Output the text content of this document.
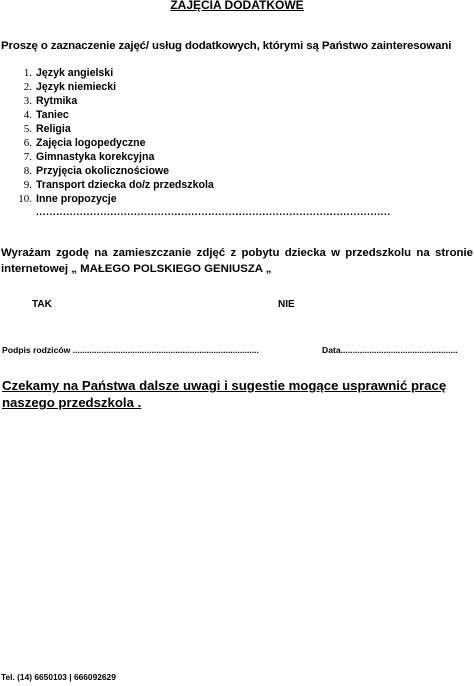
ZAJĘCIA DODATKOWE
Proszę o zaznaczenie zajęć/ usług dodatkowych, którymi są Państwo zainteresowani
1. Język angielski
2. Język niemiecki
3. Rytmika
4. Taniec
5. Religia
6. Zajęcia logopedyczne
7. Gimnastyka korekcyjna
8. Przyjęcia okolicznościowe
9. Transport dziecka do/z przedszkola
10. Inne propozycje
.........................................................................................................
Wyrażam zgodę na zamieszczanie zdjęć z pobytu dziecka w przedszkolu na stronie internetowej „ MAŁEGO POLSKIEGO GENIUSZA „
TAK	NIE
Podpis rodziców ..............................................................................	Data.................................................
Czekamy na Państwa dalsze uwagi i sugestie mogące usprawnić pracę naszego przedszkola .
Tel. (14) 6650103 | 666092629
